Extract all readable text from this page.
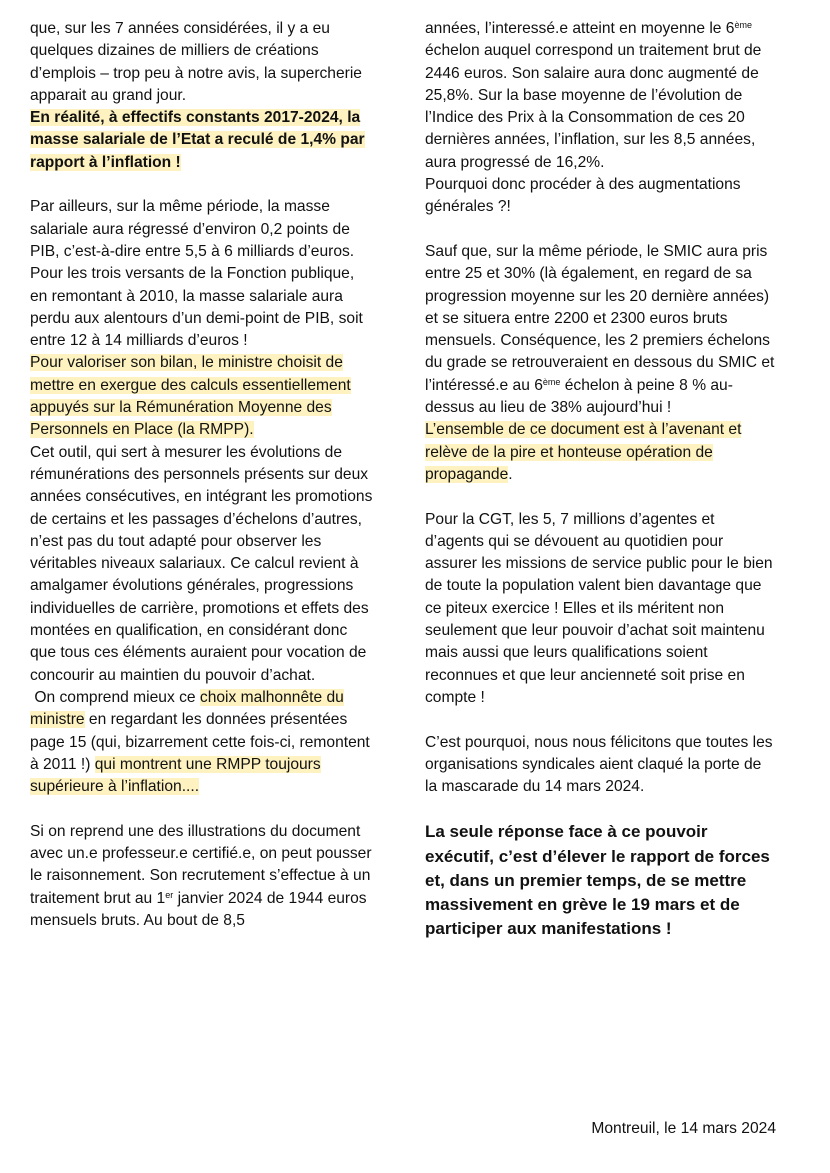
que, sur les 7 années considérées, il y a eu quelques dizaines de milliers de créations d’emplois – trop peu à notre avis, la supercherie apparait au grand jour.
En réalité, à effectifs constants 2017-2024, la masse salariale de l’Etat a reculé de 1,4% par rapport à l’inflation !

Par ailleurs, sur la même période, la masse salariale aura régressé d’environ 0,2 points de PIB, c’est-à-dire entre 5,5 à 6 milliards d’euros. Pour les trois versants de la Fonction publique, en remontant à 2010, la masse salariale aura perdu aux alentours d’un demi-point de PIB, soit entre 12 à 14 milliards d’euros !

Pour valoriser son bilan, le ministre choisit de mettre en exergue des calculs essentiellement appuyés sur la Rémunération Moyenne des Personnels en Place (la RMPP).

Cet outil, qui sert à mesurer les évolutions de rémunérations des personnels présents sur deux années consécutives, en intégrant les promotions de certains et les passages d’échelons d’autres, n’est pas du tout adapté pour observer les véritables niveaux salariaux. Ce calcul revient à amalgamer évolutions générales, progressions individuelles de carrière, promotions et effets des montées en qualification, en considérant donc que tous ces éléments auraient pour vocation de concourir au maintien du pouvoir d’achat.

On comprend mieux ce choix malhonnête du ministre en regardant les données présentées page 15 (qui, bizarrement cette fois-ci, remontent à 2011 !) qui montrent une RMPP toujours supérieure à l’inflation....

Si on reprend une des illustrations du document avec un.e professeur.e certifié.e, on peut pousser le raisonnement. Son recrutement s’effectue à un traitement brut au 1er janvier 2024 de 1944 euros mensuels bruts. Au bout de 8,5

années, l’interessé.e atteint en moyenne le 6ème échelon auquel correspond un traitement brut de 2446 euros. Son salaire aura donc augmenté de 25,8%. Sur la base moyenne de l’évolution de l’Indice des Prix à la Consommation de ces 20 dernières années, l’inflation, sur les 8,5 années, aura progressé de 16,2%.

Pourquoi donc procéder à des augmentations générales ?!

Sauf que, sur la même période, le SMIC aura pris entre 25 et 30% (là également, en regard de sa progression moyenne sur les 20 dernière années) et se situera entre 2200 et 2300 euros bruts mensuels. Conséquence, les 2 premiers échelons du grade se retrouveraient en dessous du SMIC et l’intéressé.e au 6ème échelon à peine 8 % au-dessus au lieu de 38% aujourd’hui !

L’ensemble de ce document est à l’avenant et relève de la pire et honteuse opération de propagande.

Pour la CGT, les 5, 7 millions d’agentes et d’agents qui se dévouent au quotidien pour assurer les missions de service public pour le bien de toute la population valent bien davantage que ce piteux exercice ! Elles et ils méritent non seulement que leur pouvoir d’achat soit maintenu mais aussi que leurs qualifications soient reconnues et que leur ancienneté soit prise en compte !

C’est pourquoi, nous nous félicitons que toutes les organisations syndicales aient claqué la porte de la mascarade du 14 mars 2024.

La seule réponse face à ce pouvoir exécutif, c’est d’élever le rapport de forces et, dans un premier temps, de se mettre massivement en grève le 19 mars et de participer aux manifestations !

Montreuil, le 14 mars 2024
